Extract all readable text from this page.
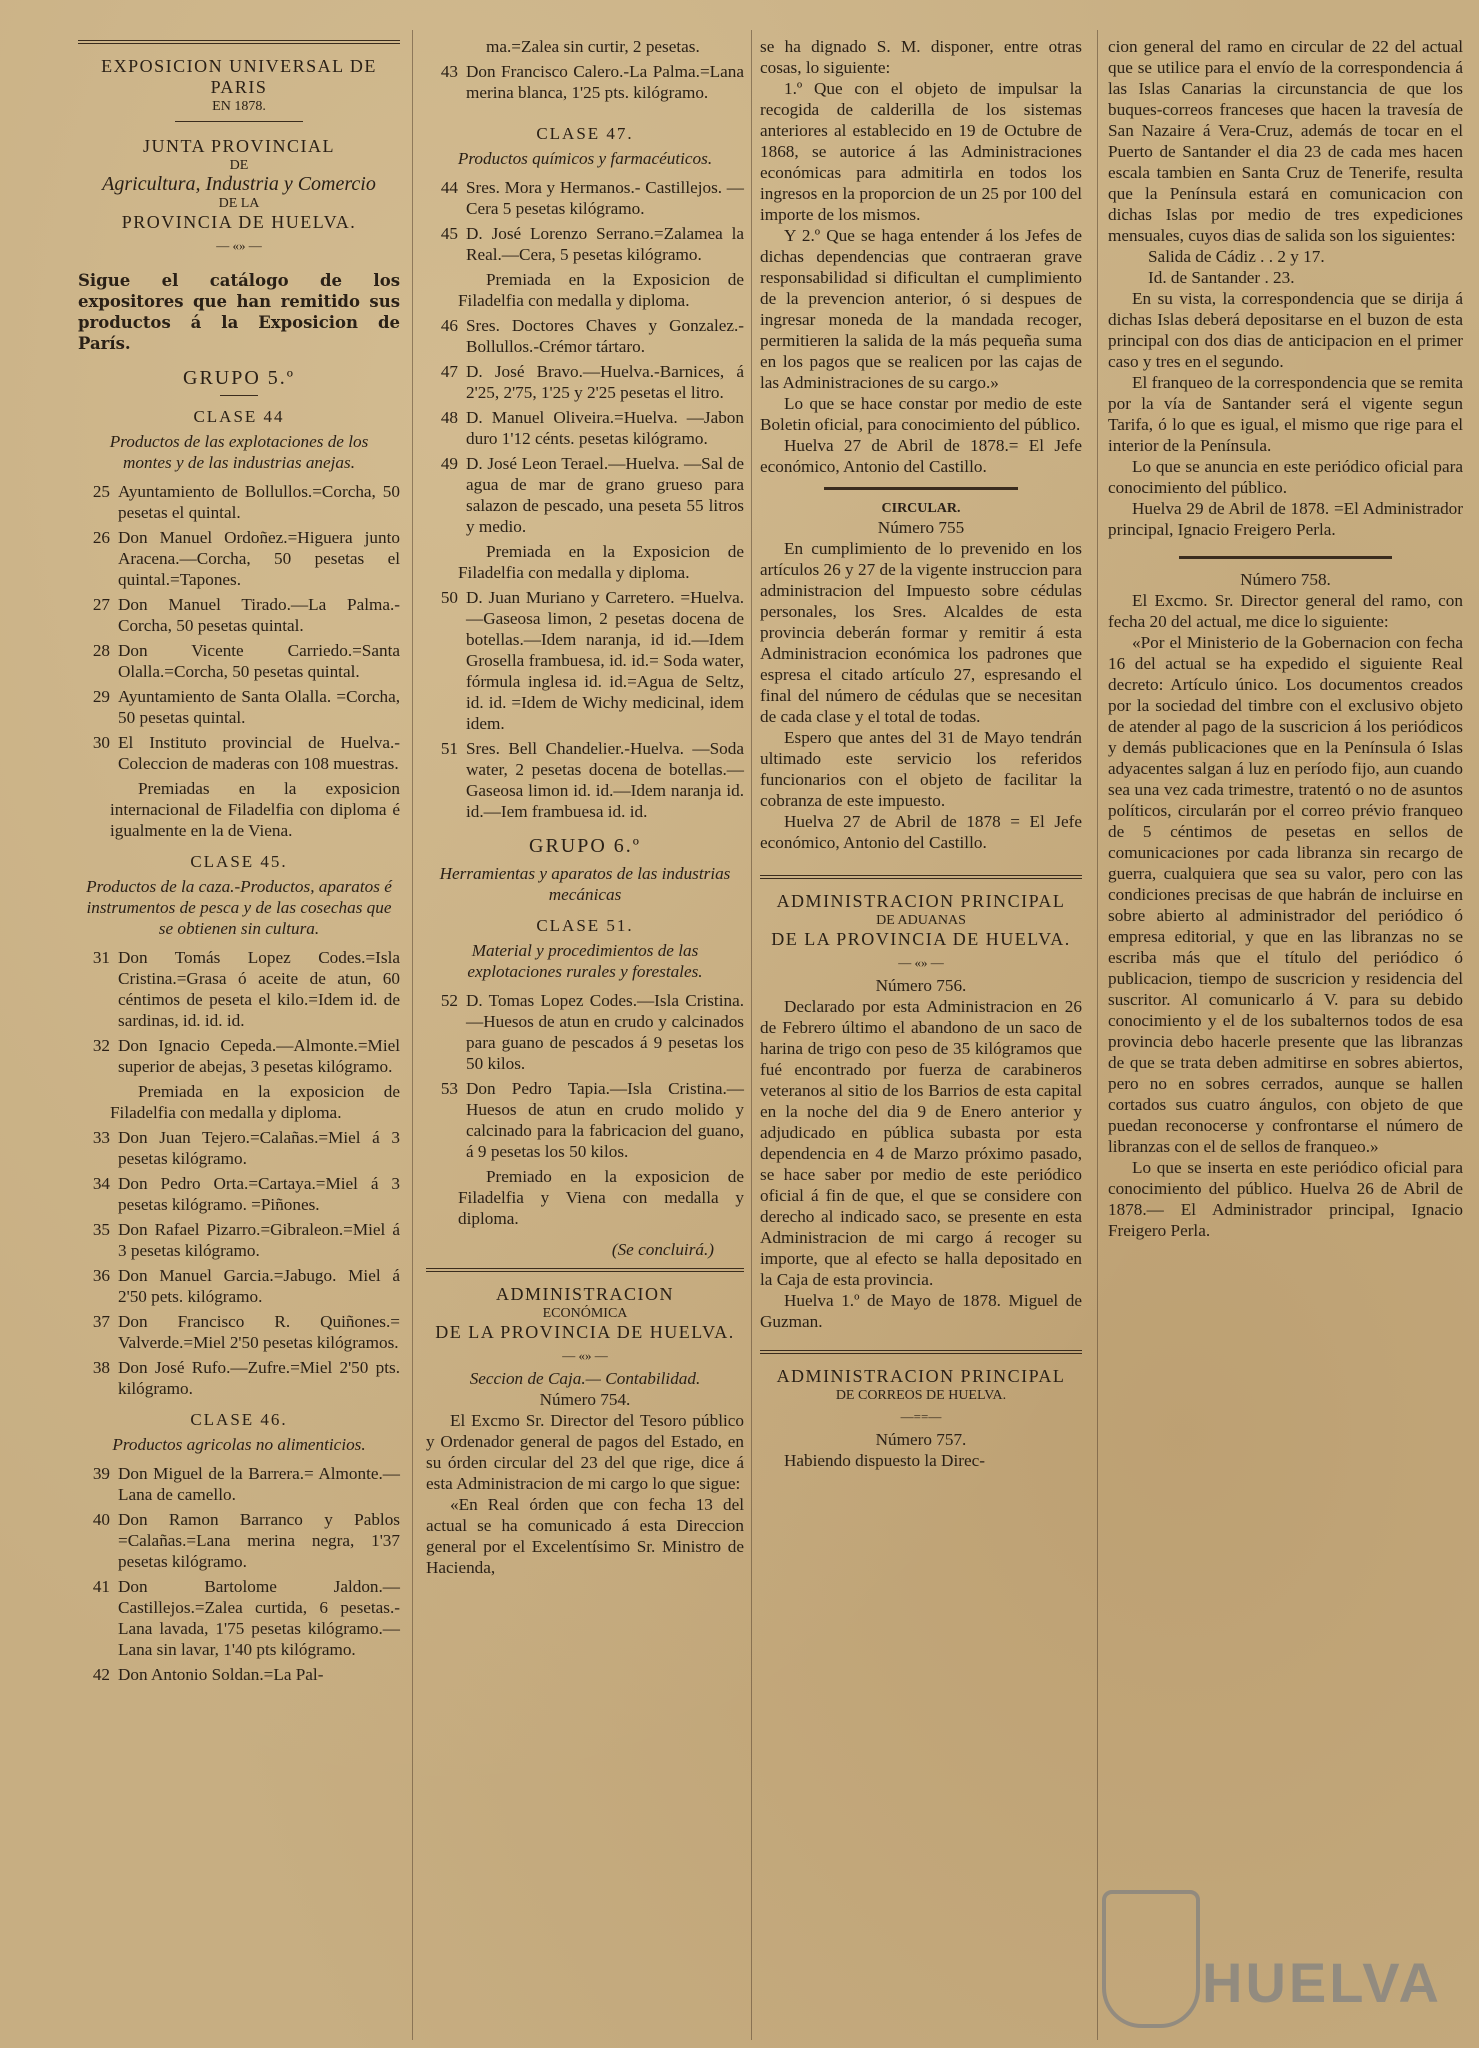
EXPOSICION UNIVERSAL DE PARIS
EN 1878.
JUNTA PROVINCIAL
DE
Agricultura, Industria y Comercio
DE LA
PROVINCIA DE HUELVA.
— «» —
Sigue el catálogo de los expositores que han remitido sus productos á la Exposicion de París.
GRUPO 5.º
CLASE 44
Productos de las explotaciones de los montes y de las industrias anejas.
25 Ayuntamiento de Bollullos.=Corcha, 50 pesetas el quintal.
26 Don Manuel Ordoñez.=Higuera junto Aracena.—Corcha, 50 pesetas el quintal.=Tapones.
27 Don Manuel Tirado.—La Palma.-Corcha, 50 pesetas quintal.
28 Don Vicente Carriedo.=Santa Olalla.=Corcha, 50 pesetas quintal.
29 Ayuntamiento de Santa Olalla. =Corcha, 50 pesetas quintal.
30 El Instituto provincial de Huelva.-Coleccion de maderas con 108 muestras.
Premiadas en la exposicion internacional de Filadelfia con diploma é igualmente en la de Viena.
CLASE 45.
Productos de la caza.-Productos, aparatos é instrumentos de pesca y de las cosechas que se obtienen sin cultura.
31 Don Tomás Lopez Codes.=Isla Cristina.=Grasa ó aceite de atun, 60 céntimos de peseta el kilo.=Idem id. de sardinas, id. id. id.
32 Don Ignacio Cepeda.—Almonte.=Miel superior de abejas, 3 pesetas kilógramo.
Premiada en la exposicion de Filadelfia con medalla y diploma.
33 Don Juan Tejero.=Calañas.=Miel á 3 pesetas kilógramo.
34 Don Pedro Orta.=Cartaya.=Miel á 3 pesetas kilógramo. =Piñones.
35 Don Rafael Pizarro.=Gibraleon.=Miel á 3 pesetas kilógramo.
36 Don Manuel Garcia.=Jabugo. Miel á 2'50 pets. kilógramo.
37 Don Francisco R. Quiñones.= Valverde.=Miel 2'50 pesetas kilógramos.
38 Don José Rufo.—Zufre.=Miel 2'50 pts. kilógramo.
CLASE 46.
Productos agricolas no alimenticios.
39 Don Miguel de la Barrera.= Almonte.—Lana de camello.
40 Don Ramon Barranco y Pablos =Calañas.=Lana merina negra, 1'37 pesetas kilógramo.
41 Don Bartolome Jaldon.—Castillejos.=Zalea curtida, 6 pesetas.-Lana lavada, 1'75 pesetas kilógramo.—Lana sin lavar, 1'40 pts kilógramo.
42 Don Antonio Soldan.=La Pal-
ma.=Zalea sin curtir, 2 pesetas.
43 Don Francisco Calero.-La Palma.=Lana merina blanca, 1'25 pts. kilógramo.
CLASE 47.
Productos químicos y farmacéuticos.
44 Sres. Mora y Hermanos.- Castillejos. —Cera 5 pesetas kilógramo.
45 D. José Lorenzo Serrano.=Zalamea la Real.—Cera, 5 pesetas kilógramo.
Premiada en la Exposicion de Filadelfia con medalla y diploma.
46 Sres. Doctores Chaves y Gonzalez.-Bollullos.-Crémor tártaro.
47 D. José Bravo.—Huelva.-Barnices, á 2'25, 2'75, 1'25 y 2'25 pesetas el litro.
48 D. Manuel Oliveira.=Huelva. —Jabon duro 1'12 cénts. pesetas kilógramo.
49 D. José Leon Terael.—Huelva. —Sal de agua de mar de grano grueso para salazon de pescado, una peseta 55 litros y medio.
Premiada en la Exposicion de Filadelfia con medalla y diploma.
50 D. Juan Muriano y Carretero. =Huelva.—Gaseosa limon, 2 pesetas docena de botellas.—Idem naranja, id id.—Idem Grosella frambuesa, id. id.= Soda water, fórmula inglesa id. id.=Agua de Seltz, id. id. =Idem de Wichy medicinal, idem idem.
51 Sres. Bell Chandelier.-Huelva. —Soda water, 2 pesetas docena de botellas.—Gaseosa limon id. id.—Idem naranja id. id.—Iem frambuesa id. id.
GRUPO 6.º
Herramientas y aparatos de las industrias mecánicas
CLASE 51.
Material y procedimientos de las explotaciones rurales y forestales.
52 D. Tomas Lopez Codes.—Isla Cristina.—Huesos de atun en crudo y calcinados para guano de pescados á 9 pesetas los 50 kilos.
53 Don Pedro Tapia.—Isla Cristina.—Huesos de atun en crudo molido y calcinado para la fabricacion del guano, á 9 pesetas los 50 kilos.
Premiado en la exposicion de Filadelfia y Viena con medalla y diploma.
(Se concluirá.)
ADMINISTRACION
ECONÓMICA
DE LA PROVINCIA DE HUELVA.
— «» —
Seccion de Caja.— Contabilidad.
Número 754.

El Excmo Sr. Director del Tesoro público y Ordenador general de pagos del Estado, en su órden circular del 23 del que rige, dice á esta Administracion de mi cargo lo que sigue:

«En Real órden que con fecha 13 del actual se ha comunicado á esta Direccion general por el Excelentísimo Sr. Ministro de Hacienda,

se ha dignado S. M. disponer, entre otras cosas, lo siguiente:

1.º Que con el objeto de impulsar la recogida de calderilla de los sistemas anteriores al establecido en 19 de Octubre de 1868, se autorice á las Administraciones económicas para admitirla en todos los ingresos en la proporcion de un 25 por 100 del importe de los mismos.

Y 2.º Que se haga entender á los Jefes de dichas dependencias que contraeran grave responsabilidad si dificultan el cumplimiento de la prevencion anterior, ó si despues de ingresar moneda de la mandada recoger, permitieren la salida de la más pequeña suma en los pagos que se realicen por las cajas de las Administraciones de su cargo.»

Lo que se hace constar por medio de este Boletin oficial, para conocimiento del público.

Huelva 27 de Abril de 1878.= El Jefe económico, Antonio del Castillo.

CIRCULAR.
Número 755

En cumplimiento de lo prevenido en los artículos 26 y 27 de la vigente instruccion para administracion del Impuesto sobre cédulas personales, los Sres. Alcaldes de esta provincia deberán formar y remitir á esta Administracion económica los padrones que espresa el citado artículo 27, espresando el final del número de cédulas que se necesitan de cada clase y el total de todas.

Espero que antes del 31 de Mayo tendrán ultimado este servicio los referidos funcionarios con el objeto de facilitar la cobranza de este impuesto.

Huelva 27 de Abril de 1878 = El Jefe económico, Antonio del Castillo.

ADMINISTRACION PRINCIPAL
DE ADUANAS
DE LA PROVINCIA DE HUELVA.
— «» —
Número 756.

Declarado por esta Administracion en 26 de Febrero último el abandono de un saco de harina de trigo con peso de 35 kilógramos que fué encontrado por fuerza de carabineros veteranos al sitio de los Barrios de esta capital en la noche del dia 9 de Enero anterior y adjudicado en pública subasta por esta dependencia en 4 de Marzo próximo pasado, se hace saber por medio de este periódico oficial á fin de que, el que se considere con derecho al indicado saco, se presente en esta Administracion de mi cargo á recoger su importe, que al efecto se halla depositado en la Caja de esta provincia.

Huelva 1.º de Mayo de 1878. Miguel de Guzman.

ADMINISTRACION PRINCIPAL
DE CORREOS DE HUELVA.
—==—
Número 757.

Habiendo dispuesto la Direc-

cion general del ramo en circular de 22 del actual que se utilice para el envío de la correspondencia á las Islas Canarias la circunstancia de que los buques-correos franceses que hacen la travesía de San Nazaire á Vera-Cruz, además de tocar en el Puerto de Santander el dia 23 de cada mes hacen escala tambien en Santa Cruz de Tenerife, resulta que la Península estará en comunicacion con dichas Islas por medio de tres expediciones mensuales, cuyos dias de salida son los siguientes:

Salida de Cádiz . . 2 y 17.

Id. de Santander . 23.

En su vista, la correspondencia que se dirija á dichas Islas deberá depositarse en el buzon de esta principal con dos dias de anticipacion en el primer caso y tres en el segundo.

El franqueo de la correspondencia que se remita por la vía de Santander será el vigente segun Tarifa, ó lo que es igual, el mismo que rige para el interior de la Península.

Lo que se anuncia en este periódico oficial para conocimiento del público.

Huelva 29 de Abril de 1878. =El Administrador principal, Ignacio Freigero Perla.

Número 758.

El Excmo. Sr. Director general del ramo, con fecha 20 del actual, me dice lo siguiente:

«Por el Ministerio de la Gobernacion con fecha 16 del actual se ha expedido el siguiente Real decreto: Artículo único. Los documentos creados por la sociedad del timbre con el exclusivo objeto de atender al pago de la suscricion á los periódicos y demás publicaciones que en la Península ó Islas adyacentes salgan á luz en período fijo, aun cuando sea una vez cada trimestre, tratentó o no de asuntos políticos, circularán por el correo prévio franqueo de 5 céntimos de pesetas en sellos de comunicaciones por cada libranza sin recargo de guerra, cualquiera que sea su valor, pero con las condiciones precisas de que habrán de incluirse en sobre abierto al administrador del periódico ó empresa editorial, y que en las libranzas no se escriba más que el título del periódico ó publicacion, tiempo de suscricion y residencia del suscritor. Al comunicarlo á V. para su debido conocimiento y el de los subalternos todos de esa provincia debo hacerle presente que las libranzas de que se trata deben admitirse en sobres abiertos, pero no en sobres cerrados, aunque se hallen cortados sus cuatro ángulos, con objeto de que puedan reconocerse y confrontarse el número de libranzas con el de sellos de franqueo.»

Lo que se inserta en este periódico oficial para conocimiento del público. Huelva 26 de Abril de 1878.— El Administrador principal, Ignacio Freigero Perla.

HUELVA
